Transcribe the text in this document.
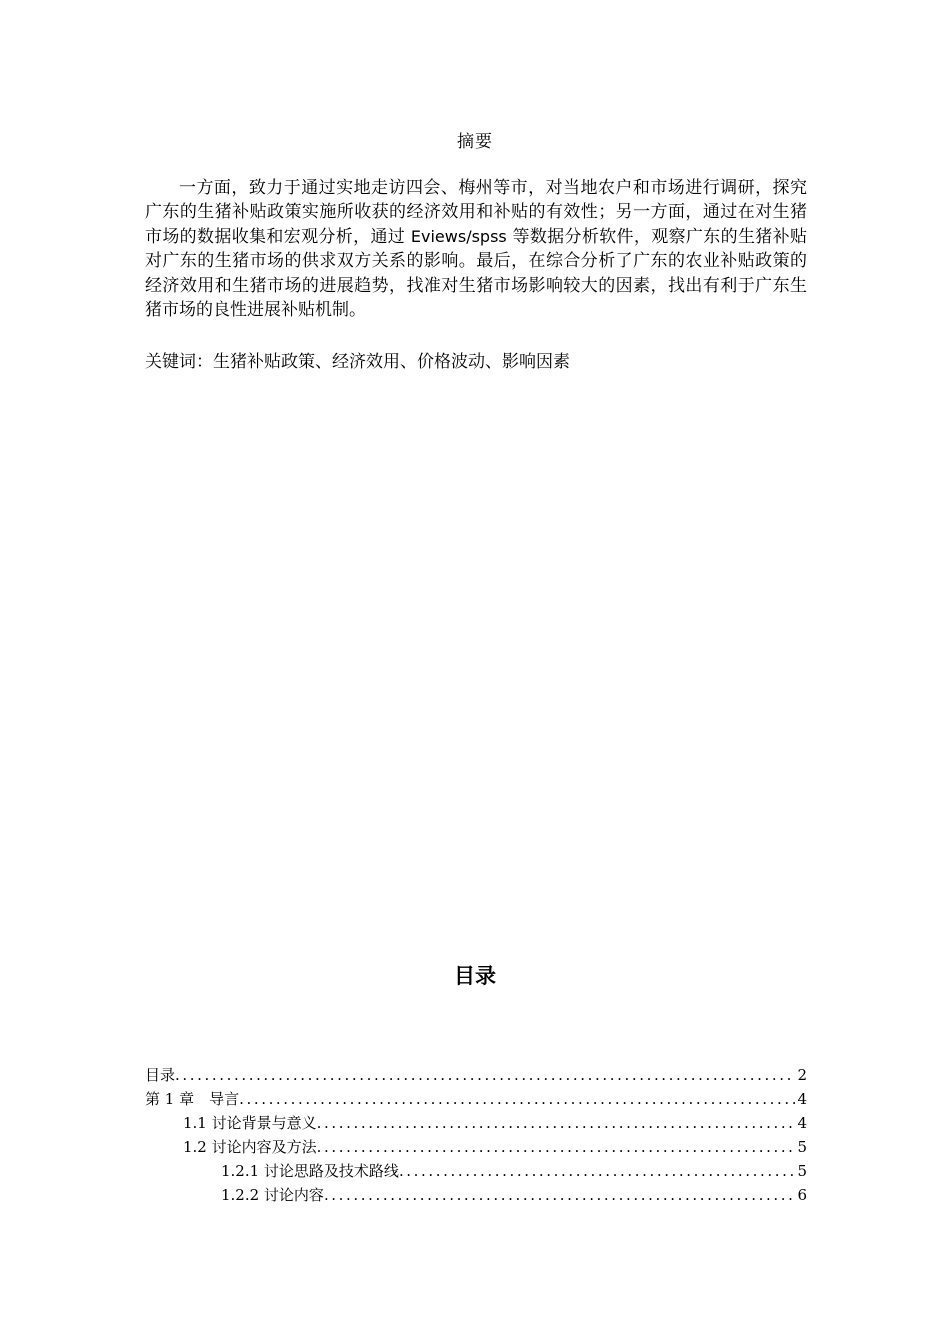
摘要

一方面，致力于通过实地走访四会、梅州等市，对当地农户和市场进行调研，探究广东的生猪补贴政策实施所收获的经济效用和补贴的有效性；另一方面，通过在对生猪市场的数据收集和宏观分析，通过 Eviews/spss 等数据分析软件，观察广东的生猪补贴对广东的生猪市场的供求双方关系的影响。最后，在综合分析了广东的农业补贴政策的经济效用和生猪市场的进展趋势，找准对生猪市场影响较大的因素，找出有利于广东生猪市场的良性进展补贴机制。

关键词：生猪补贴政策、经济效用、价格波动、影响因素
目录
目录 .....	2
第 1 章　导言 .....	4
1.1 讨论背景与意义 .....	4
1.2 讨论内容及方法 .....	5
1.2.1 讨论思路及技术路线 .....	5
1.2.2 讨论内容 .....	6
